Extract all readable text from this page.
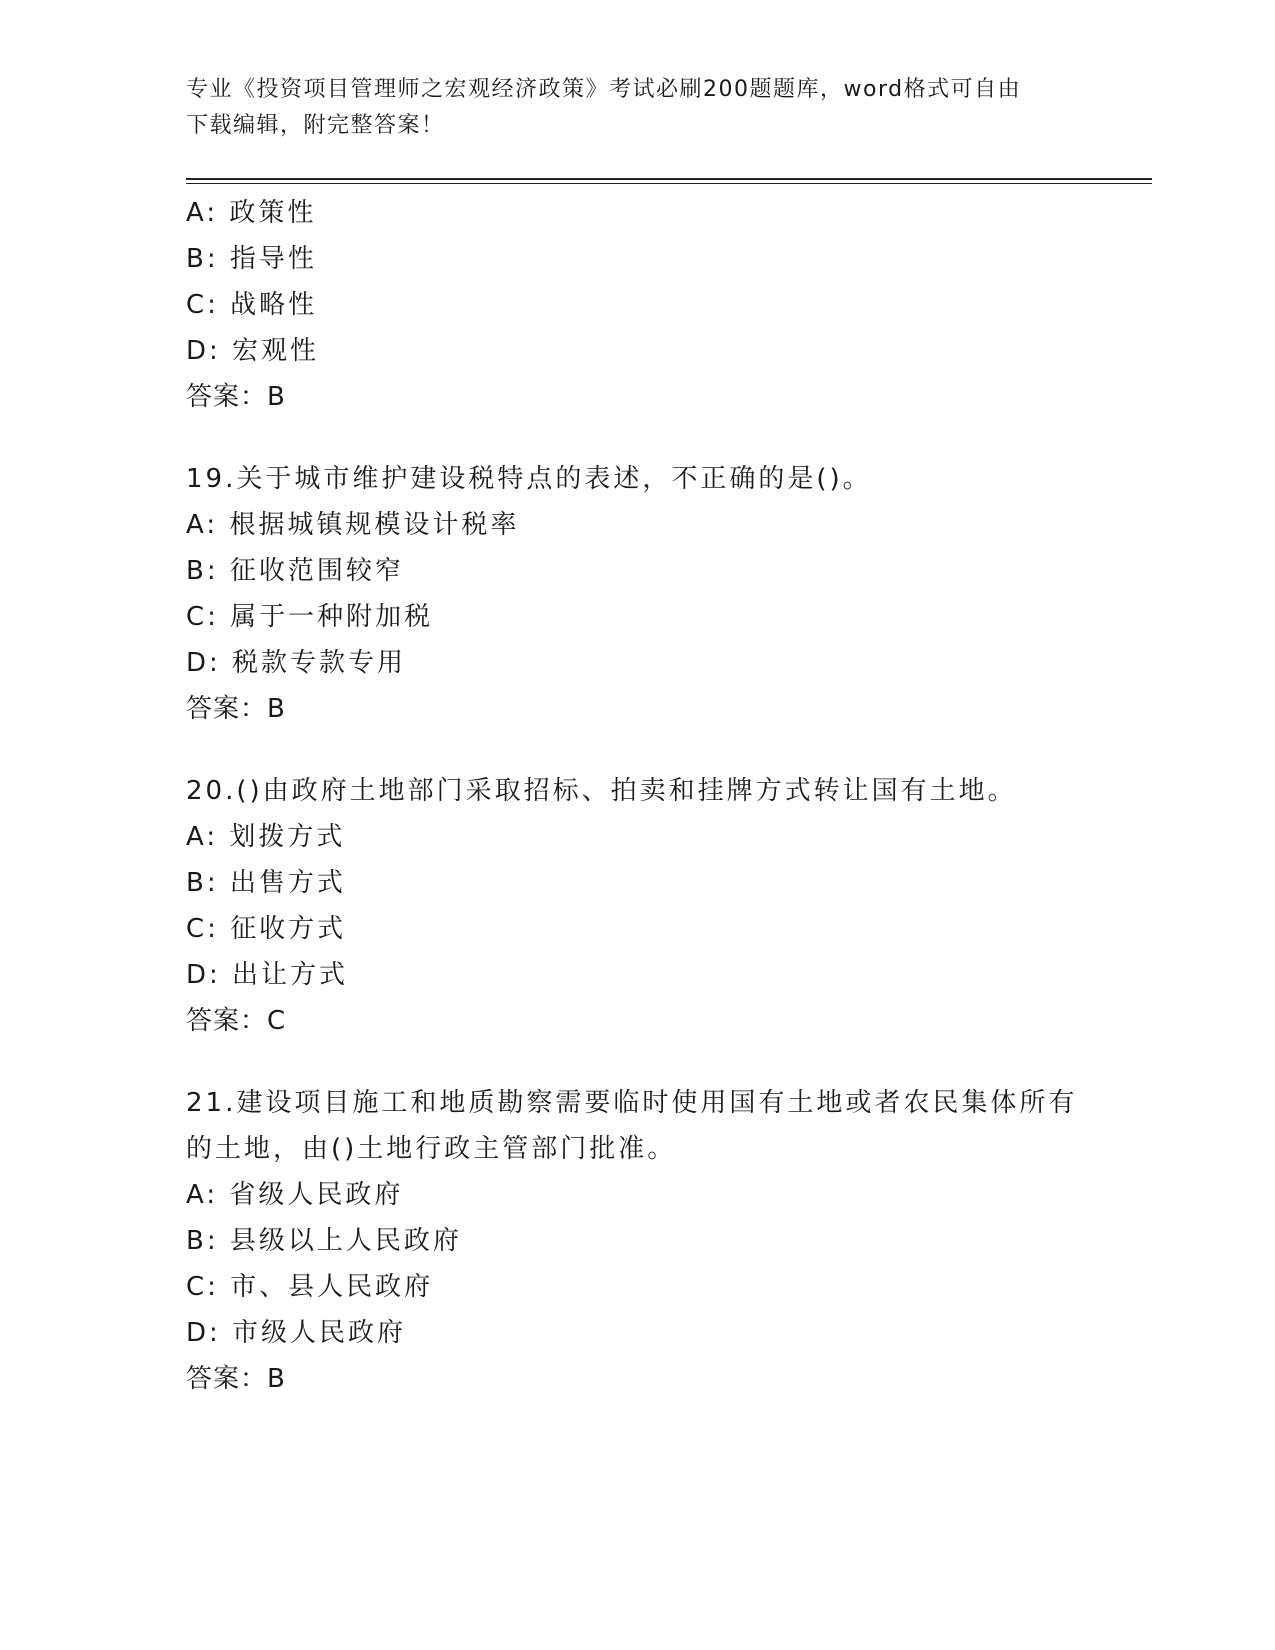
专业《投资项目管理师之宏观经济政策》考试必刷200题题库，word格式可自由
下载编辑，附完整答案！
A: 政策性
B: 指导性
C: 战略性
D: 宏观性
答案：B
19.关于城市维护建设税特点的表述，不正确的是()。
A: 根据城镇规模设计税率
B: 征收范围较窄
C: 属于一种附加税
D: 税款专款专用
答案：B
20.()由政府土地部门采取招标、拍卖和挂牌方式转让国有土地。
A: 划拨方式
B: 出售方式
C: 征收方式
D: 出让方式
答案：C
21.建设项目施工和地质勘察需要临时使用国有土地或者农民集体所有
的土地，由()土地行政主管部门批准。
A: 省级人民政府
B: 县级以上人民政府
C: 市、县人民政府
D: 市级人民政府
答案：B
